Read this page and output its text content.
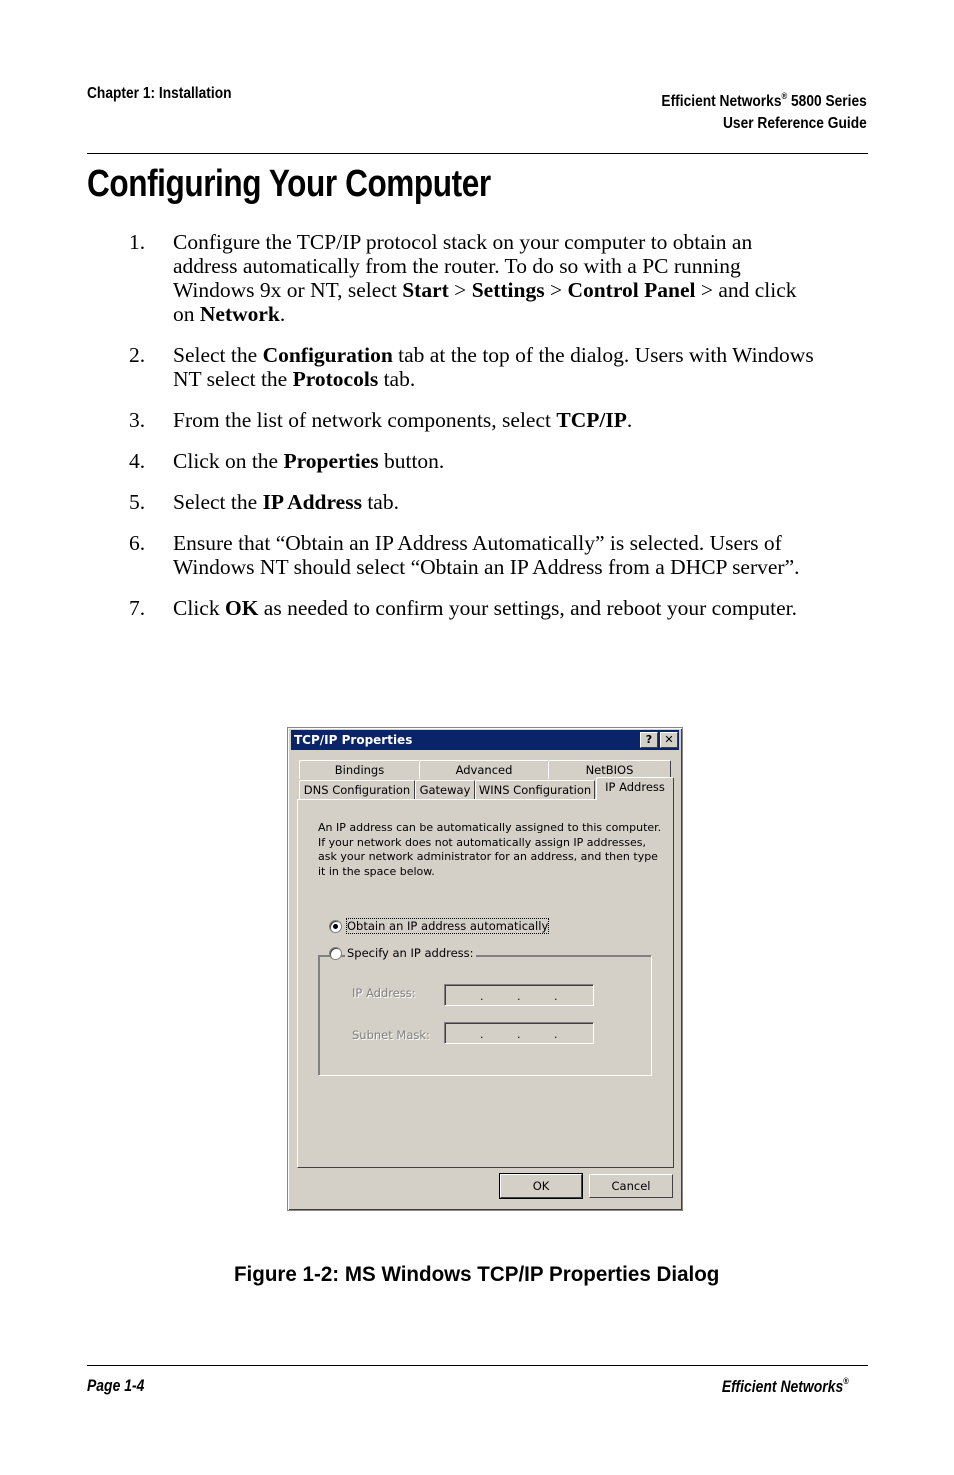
Chapter 1: Installation	Efficient Networks® 5800 Series
User Reference Guide
Configuring Your Computer
1. Configure the TCP/IP protocol stack on your computer to obtain an address automatically from the router. To do so with a PC running Windows 9x or NT, select Start > Settings > Control Panel > and click on Network.
2. Select the Configuration tab at the top of the dialog. Users with Windows NT select the Protocols tab.
3. From the list of network components, select TCP/IP.
4. Click on the Properties button.
5. Select the IP Address tab.
6. Ensure that “Obtain an IP Address Automatically” is selected. Users of Windows NT should select “Obtain an IP Address from a DHCP server”.
7. Click OK as needed to confirm your settings, and reboot your computer.
TCP/IP Properties	?	✕
Bindings	Advanced	NetBIOS
DNS Configuration Gateway WINS Configuration	IP Address
An IP address can be automatically assigned to this computer. If your network does not automatically assign IP addresses, ask your network administrator for an address, and then type it in the space below.
Obtain an IP address automatically
Specify an IP address:
IP Address:	.	.	.
Subnet Mask:	.	.	.
OK	Cancel
Figure 1-2: MS Windows TCP/IP Properties Dialog
Page 1-4	Efficient Networks®
